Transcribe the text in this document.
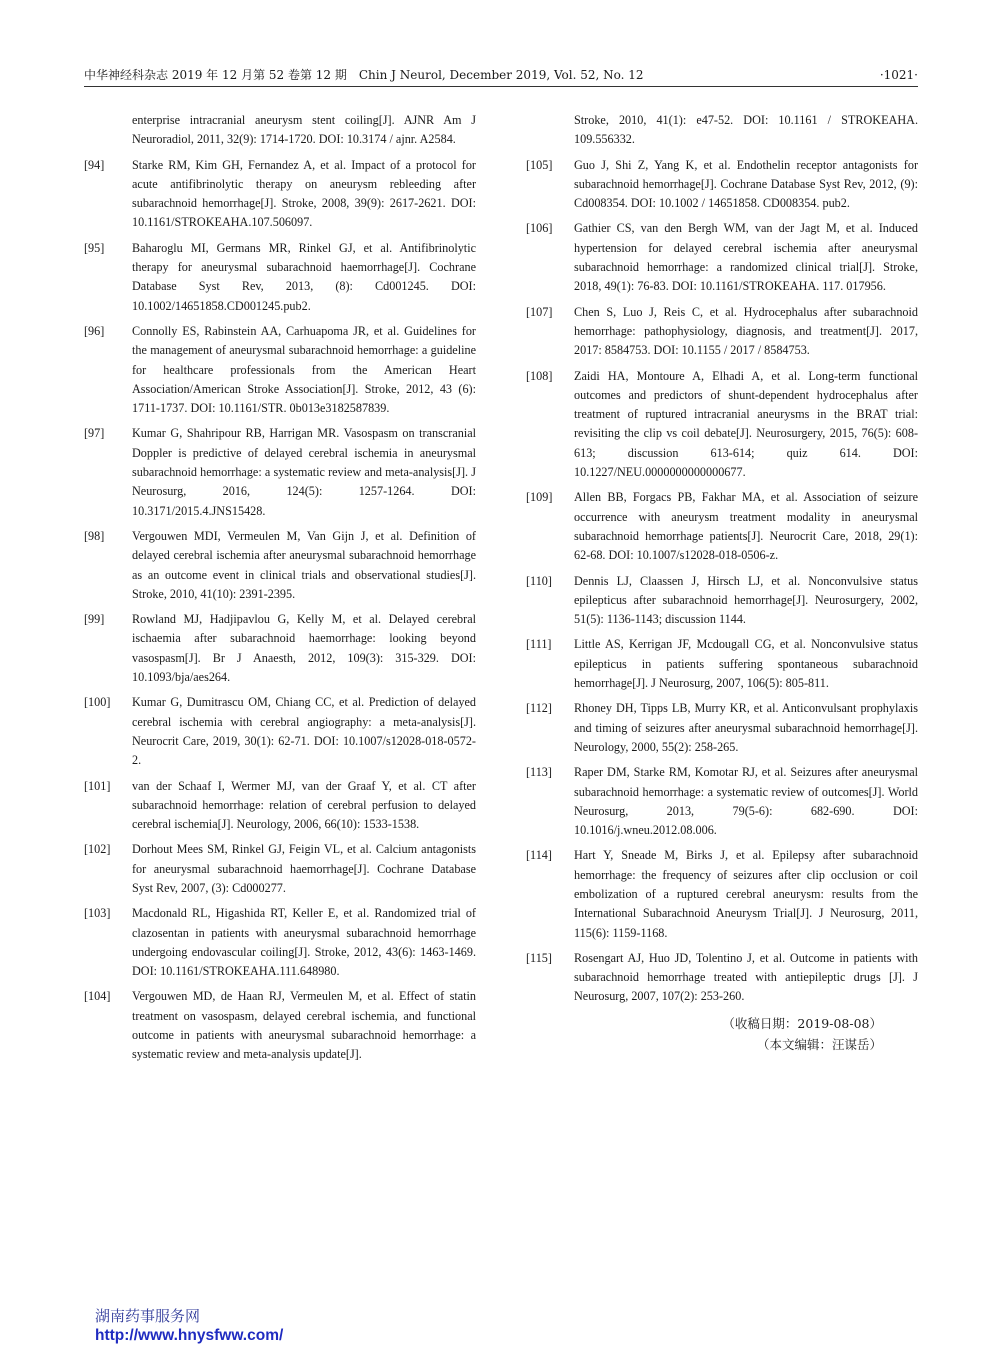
中华神经科杂志 2019 年 12 月第 52 卷第 12 期　Chin J Neurol, December 2019, Vol. 52, No. 12	·1021·
enterprise intracranial aneurysm stent coiling[J]. AJNR Am J Neuroradiol, 2011, 32(9): 1714-1720. DOI: 10.3174 / ajnr. A2584.
[94]	Starke RM, Kim GH, Fernandez A, et al. Impact of a protocol for acute antifibrinolytic therapy on aneurysm rebleeding after subarachnoid hemorrhage[J]. Stroke, 2008, 39(9): 2617-2621. DOI: 10.1161/STROKEAHA.107.506097.
[95]	Baharoglu MI, Germans MR, Rinkel GJ, et al. Antifibrinolytic therapy for aneurysmal subarachnoid haemorrhage[J]. Cochrane Database Syst Rev, 2013, (8): Cd001245. DOI: 10.1002/14651858.CD001245.pub2.
[96]	Connolly ES, Rabinstein AA, Carhuapoma JR, et al. Guidelines for the management of aneurysmal subarachnoid hemorrhage: a guideline for healthcare professionals from the American Heart Association/American Stroke Association[J]. Stroke, 2012, 43 (6): 1711-1737. DOI: 10.1161/STR. 0b013e3182587839.
[97]	Kumar G, Shahripour RB, Harrigan MR. Vasospasm on transcranial Doppler is predictive of delayed cerebral ischemia in aneurysmal subarachnoid hemorrhage: a systematic review and meta-analysis[J]. J Neurosurg, 2016, 124(5): 1257-1264. DOI: 10.3171/2015.4.JNS15428.
[98]	Vergouwen MDI, Vermeulen M, Van Gijn J, et al. Definition of delayed cerebral ischemia after aneurysmal subarachnoid hemorrhage as an outcome event in clinical trials and observational studies[J]. Stroke, 2010, 41(10): 2391-2395.
[99]	Rowland MJ, Hadjipavlou G, Kelly M, et al. Delayed cerebral ischaemia after subarachnoid haemorrhage: looking beyond vasospasm[J]. Br J Anaesth, 2012, 109(3): 315-329. DOI: 10.1093/bja/aes264.
[100]	Kumar G, Dumitrascu OM, Chiang CC, et al. Prediction of delayed cerebral ischemia with cerebral angiography: a meta-analysis[J]. Neurocrit Care, 2019, 30(1): 62-71. DOI: 10.1007/s12028-018-0572-2.
[101]	van der Schaaf I, Wermer MJ, van der Graaf Y, et al. CT after subarachnoid hemorrhage: relation of cerebral perfusion to delayed cerebral ischemia[J]. Neurology, 2006, 66(10): 1533-1538.
[102]	Dorhout Mees SM, Rinkel GJ, Feigin VL, et al. Calcium antagonists for aneurysmal subarachnoid haemorrhage[J]. Cochrane Database Syst Rev, 2007, (3): Cd000277.
[103]	Macdonald RL, Higashida RT, Keller E, et al. Randomized trial of clazosentan in patients with aneurysmal subarachnoid hemorrhage undergoing endovascular coiling[J]. Stroke, 2012, 43(6): 1463-1469. DOI: 10.1161/STROKEAHA.111.648980.
[104]	Vergouwen MD, de Haan RJ, Vermeulen M, et al. Effect of statin treatment on vasospasm, delayed cerebral ischemia, and functional outcome in patients with aneurysmal subarachnoid hemorrhage: a systematic review and meta-analysis update[J].
Stroke, 2010, 41(1): e47-52. DOI: 10.1161 / STROKEAHA. 109.556332.
[105]	Guo J, Shi Z, Yang K, et al. Endothelin receptor antagonists for subarachnoid hemorrhage[J]. Cochrane Database Syst Rev, 2012, (9): Cd008354. DOI: 10.1002 / 14651858. CD008354. pub2.
[106]	Gathier CS, van den Bergh WM, van der Jagt M, et al. Induced hypertension for delayed cerebral ischemia after aneurysmal subarachnoid hemorrhage: a randomized clinical trial[J]. Stroke, 2018, 49(1): 76-83. DOI: 10.1161/STROKEAHA. 117. 017956.
[107]	Chen S, Luo J, Reis C, et al. Hydrocephalus after subarachnoid hemorrhage: pathophysiology, diagnosis, and treatment[J]. 2017, 2017: 8584753. DOI: 10.1155 / 2017 / 8584753.
[108]	Zaidi HA, Montoure A, Elhadi A, et al. Long-term functional outcomes and predictors of shunt-dependent hydrocephalus after treatment of ruptured intracranial aneurysms in the BRAT trial: revisiting the clip vs coil debate[J]. Neurosurgery, 2015, 76(5): 608-613; discussion 613-614; quiz 614. DOI: 10.1227/NEU.0000000000000677.
[109]	Allen BB, Forgacs PB, Fakhar MA, et al. Association of seizure occurrence with aneurysm treatment modality in aneurysmal subarachnoid hemorrhage patients[J]. Neurocrit Care, 2018, 29(1): 62-68. DOI: 10.1007/s12028-018-0506-z.
[110]	Dennis LJ, Claassen J, Hirsch LJ, et al. Nonconvulsive status epilepticus after subarachnoid hemorrhage[J]. Neurosurgery, 2002, 51(5): 1136-1143; discussion 1144.
[111]	Little AS, Kerrigan JF, Mcdougall CG, et al. Nonconvulsive status epilepticus in patients suffering spontaneous subarachnoid hemorrhage[J]. J Neurosurg, 2007, 106(5): 805-811.
[112]	Rhoney DH, Tipps LB, Murry KR, et al. Anticonvulsant prophylaxis and timing of seizures after aneurysmal subarachnoid hemorrhage[J]. Neurology, 2000, 55(2): 258-265.
[113]	Raper DM, Starke RM, Komotar RJ, et al. Seizures after aneurysmal subarachnoid hemorrhage: a systematic review of outcomes[J]. World Neurosurg, 2013, 79(5-6): 682-690. DOI: 10.1016/j.wneu.2012.08.006.
[114]	Hart Y, Sneade M, Birks J, et al. Epilepsy after subarachnoid hemorrhage: the frequency of seizures after clip occlusion or coil embolization of a ruptured cerebral aneurysm: results from the International Subarachnoid Aneurysm Trial[J]. J Neurosurg, 2011, 115(6): 1159-1168.
[115]	Rosengart AJ, Huo JD, Tolentino J, et al. Outcome in patients with subarachnoid hemorrhage treated with antiepileptic drugs [J]. J Neurosurg, 2007, 107(2): 253-260.
（收稿日期：2019-08-08）
（本文编辑：汪谋岳）
湖南药事服务网
http://www.hnysfww.com/
